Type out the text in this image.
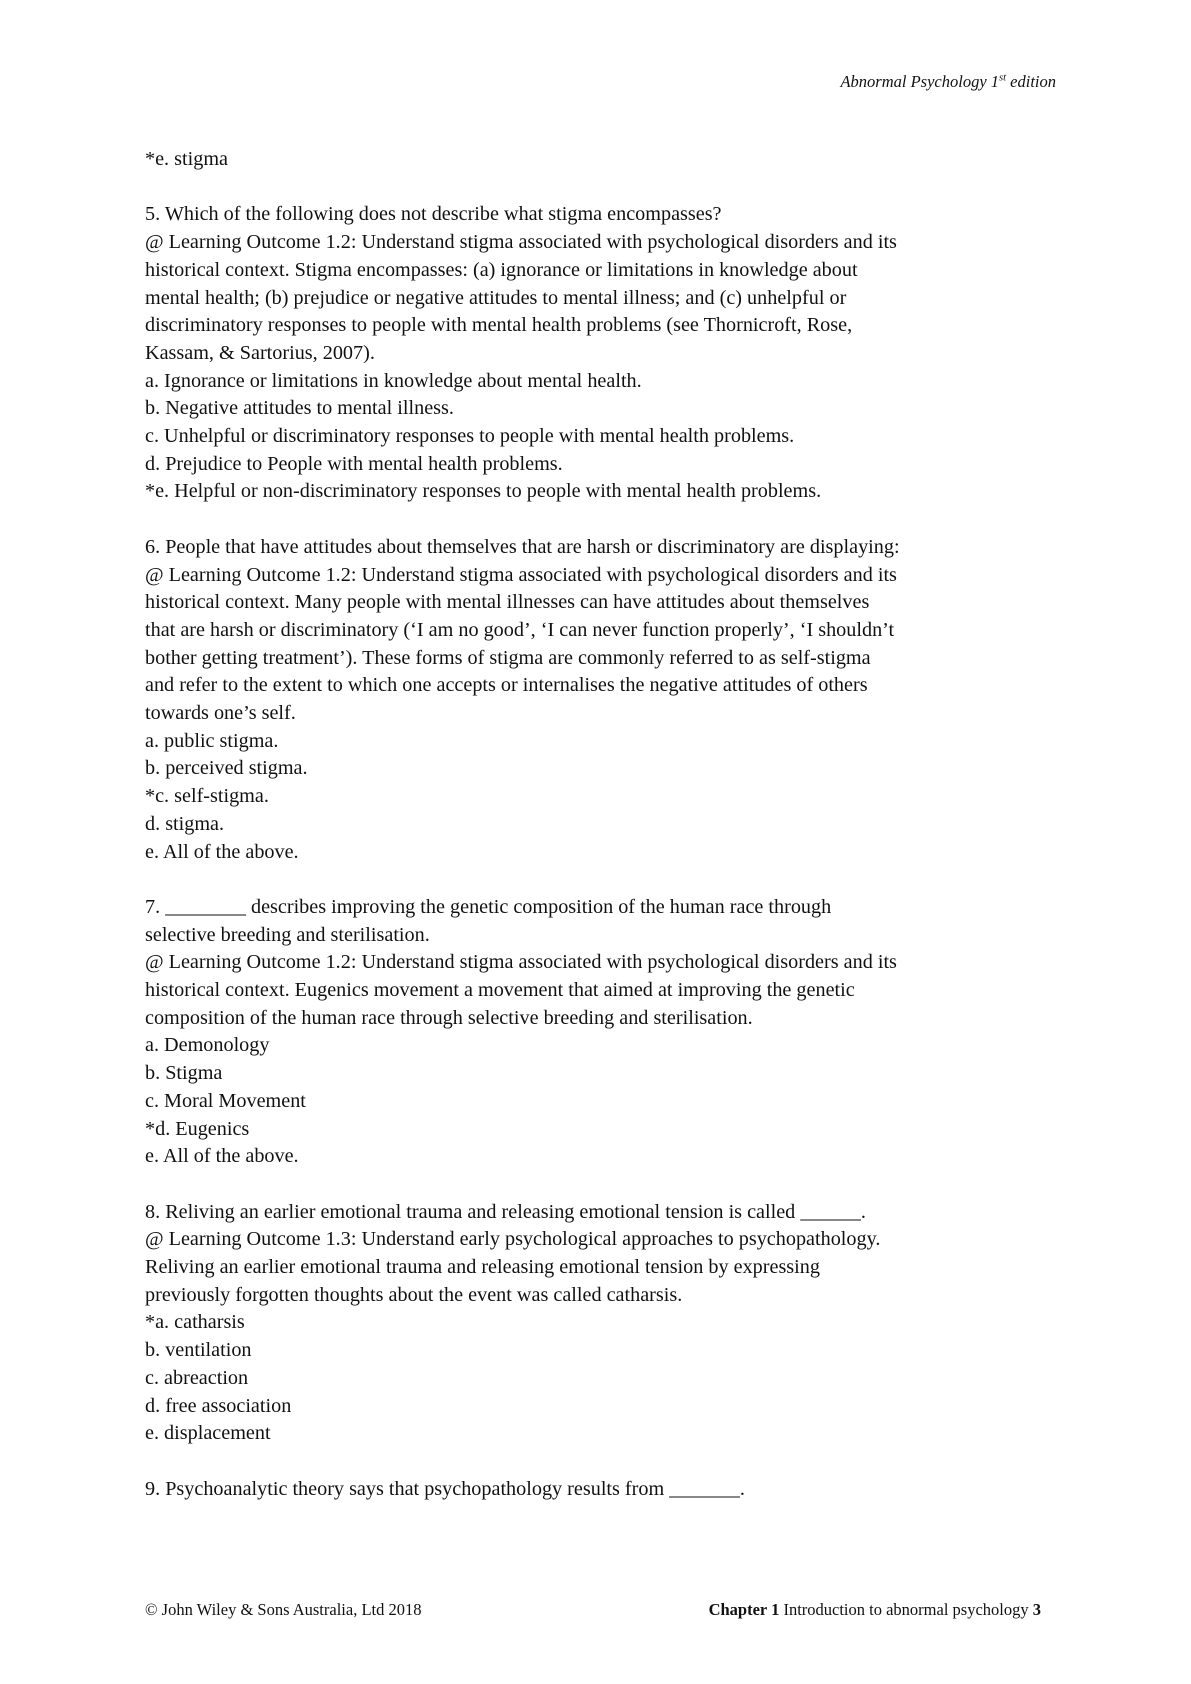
Abnormal Psychology 1st edition
*e. stigma
5. Which of the following does not describe what stigma encompasses?
@ Learning Outcome 1.2: Understand stigma associated with psychological disorders and its
historical context. Stigma encompasses: (a) ignorance or limitations in knowledge about
mental health; (b) prejudice or negative attitudes to mental illness; and (c) unhelpful or
discriminatory responses to people with mental health problems (see Thornicroft, Rose,
Kassam, & Sartorius, 2007).
a. Ignorance or limitations in knowledge about mental health.
b. Negative attitudes to mental illness.
c. Unhelpful or discriminatory responses to people with mental health problems.
d. Prejudice to People with mental health problems.
*e. Helpful or non-discriminatory responses to people with mental health problems.
6. People that have attitudes about themselves that are harsh or discriminatory are displaying:
@ Learning Outcome 1.2: Understand stigma associated with psychological disorders and its
historical context. Many people with mental illnesses can have attitudes about themselves
that are harsh or discriminatory (‘I am no good’, ‘I can never function properly’, ‘I shouldn’t
bother getting treatment’). These forms of stigma are commonly referred to as self-stigma
and refer to the extent to which one accepts or internalises the negative attitudes of others
towards one’s self.
a. public stigma.
b. perceived stigma.
*c. self-stigma.
d. stigma.
e. All of the above.
7. ________ describes improving the genetic composition of the human race through
selective breeding and sterilisation.
@ Learning Outcome 1.2: Understand stigma associated with psychological disorders and its
historical context. Eugenics movement a movement that aimed at improving the genetic
composition of the human race through selective breeding and sterilisation.
a. Demonology
b. Stigma
c. Moral Movement
*d. Eugenics
e. All of the above.
8. Reliving an earlier emotional trauma and releasing emotional tension is called ______.
@ Learning Outcome 1.3: Understand early psychological approaches to psychopathology.
Reliving an earlier emotional trauma and releasing emotional tension by expressing
previously forgotten thoughts about the event was called catharsis.
*a. catharsis
b. ventilation
c. abreaction
d. free association
e. displacement
9. Psychoanalytic theory says that psychopathology results from _______.
© John Wiley & Sons Australia, Ltd 2018	Chapter 1 Introduction to abnormal psychology 3
